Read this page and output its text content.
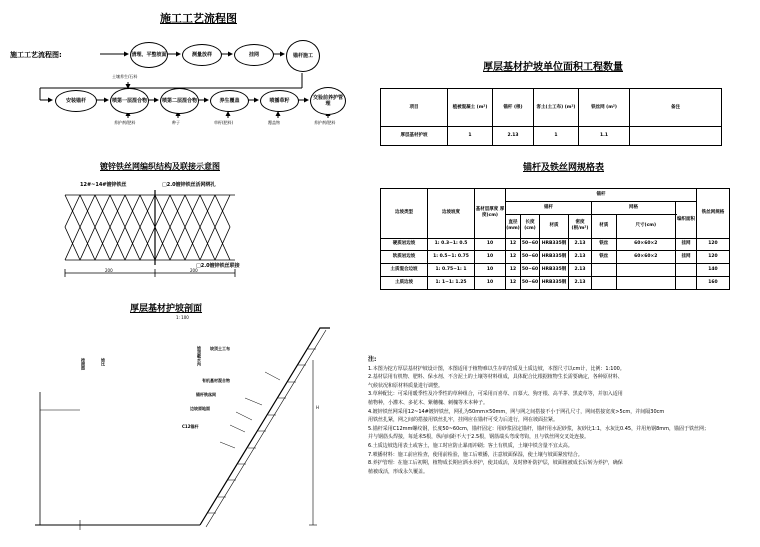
施工工艺流程图
施工工艺流程图:	清理、平整坡面	测量放样	挂网	锚杆施工
安装锚杆	喷第一层混合物	喷第二层混合物	养生覆盖	喷播草籽	交验前养护管理
土壤养生/石料
养护剂/肥料	种子	草籽(肥料)	覆盖物	养护剂/肥料
镀锌铁丝网编织结构及联接示意图
12#~14#镀锌铁丝	□2.0镀锌铁丝活网绑扎
□2.0镀锌铁丝联接
200	200
厚层基材护坡剖面
1: 100
坡顶土工布
有机基材混合物
锚杆铁丝网
边坡原地面
C12锚杆
坡顶截水沟
按照图	坡比
H
厚层基材护坡单位面积工程数量
项目	植被混凝土 (m²)	锚杆 (根)	客土(土工布) (m²)	铁丝网 (m²)	备注
厚层基材护坡	1	2.13	1	1.1	
锚杆及铁丝网规格表
边坡类型	边坡坡度	基材层厚度 厚度(cm)	锚杆							铁丝网规格
			锚杆				网格		编织面积	
			直径 (mm)	长度 (cm)	材质	密度 (根/m²)	材质	尺寸(cm)		
硬质岩边坡	1: 0.3~1: 0.5	10	12	50~60	HRB335钢	2.13	铁丝	60×60×2	挂网	120
软质岩边坡	1: 0.5~1: 0.75	10	12	50~60	HRB335钢	2.13	铁丝	60×60×2	挂网	120
土质混合边坡	1: 0.75~1: 1	10	12	50~60	HRB335钢	2.13				140
土质边坡	1: 1~1: 1.25	10	12	50~60	HRB335钢	2.13				160

注:

1.本图为挖方厚层基材护坡设计图，本图适用于植物难以生存的岩质及土质边坡，本图尺寸以cm计，比例：1:100。

2.基材层用有机物、肥料、保水剂、不含泥土的土壤等材料组成，具体配合比根据植物生长需要确定，各种原材料、

气候状况和原材料质量进行调整。

3.草种配比：可采用暖季性及冷季性的草种组合，可采用百喜草、百慕大、狗牙根、高羊茅、黑麦草等，并加入适用

植物种，小灌木、多花木、紫穗槐、刺槐等木本种子。

4.镀锌铁丝网采用12~14#镀锌铁丝，网孔为50mm×50mm，网与网之间搭接不小于网孔尺寸，网间搭接宽度>5cm，并间隔30cm

用铁丝扎紧，网之间的搭接用铁丝扎牢，挂网应在锚杆可受力后进行，网在坡面拉紧。

5.锚杆采用C12mm螺纹钢，长度50~60cm，锚杆固定：用砂浆固定锚杆，锚杆用水泥砂浆，灰砂比1:1，水灰比0.45，并用角钢8mm，锚固于铁丝网；

并与钢筋头焊接，每延米5根，纵向间距不大于2.5根，钢筋端头弯成弯钩，且与铁丝网交叉处连接。

6.土质边坡选用表土或客土，施工时应防止暴雨冲刷；客土有机质，土壤中铁含量不宜太高。

7.喷播材料：施工前应检查，使用前检验，施工后喷播，注意坡面保湿，使土壤与坡面紧密结合。

8.养护管理：在施工后初期，植物成长期应洒水养护，使其成活，及时修补防护层，坡面植被成长后转为养护，确保

植被成活，形成永久覆盖。
